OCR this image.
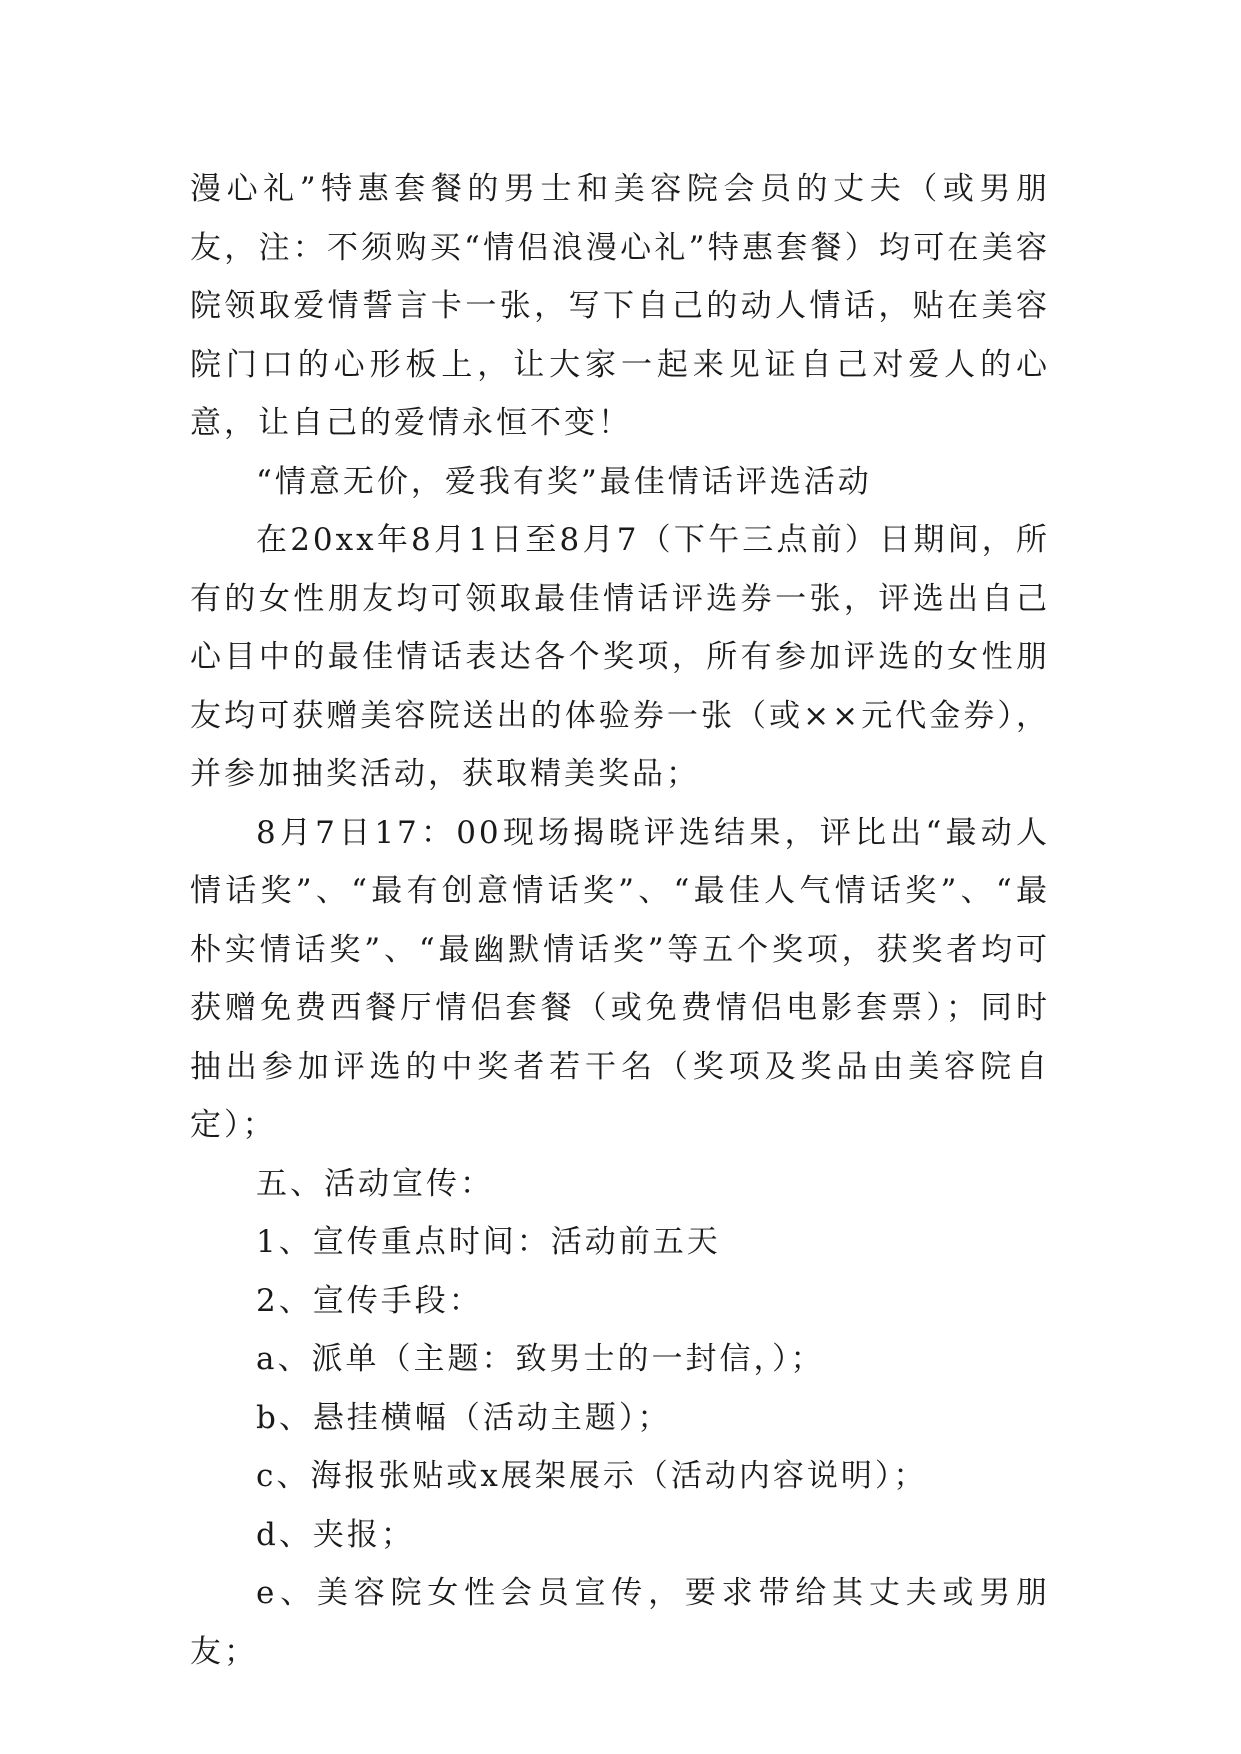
漫心礼”特惠套餐的男士和美容院会员的丈夫（或男朋友，注：不须购买“情侣浪漫心礼”特惠套餐）均可在美容院领取爱情誓言卡一张，写下自己的动人情话，贴在美容院门口的心形板上，让大家一起来见证自己对爱人的心意，让自己的爱情永恒不变！

“情意无价，爱我有奖”最佳情话评选活动

在20xx年8月1日至8月7（下午三点前）日期间，所有的女性朋友均可领取最佳情话评选券一张，评选出自己心目中的最佳情话表达各个奖项，所有参加评选的女性朋友均可获赠美容院送出的体验券一张（或××元代金券），并参加抽奖活动，获取精美奖品；

8月7日17：00现场揭晓评选结果，评比出“最动人情话奖”、“最有创意情话奖”、“最佳人气情话奖”、“最朴实情话奖”、“最幽默情话奖”等五个奖项，获奖者均可获赠免费西餐厅情侣套餐（或免费情侣电影套票）；同时抽出参加评选的中奖者若干名（奖项及奖品由美容院自定）；

五、活动宣传：

1、宣传重点时间：活动前五天

2、宣传手段：

a、派单（主题：致男士的一封信，）；

b、悬挂横幅（活动主题）；

c、海报张贴或x展架展示（活动内容说明）；

d、夹报；

e、美容院女性会员宣传，要求带给其丈夫或男朋友；
